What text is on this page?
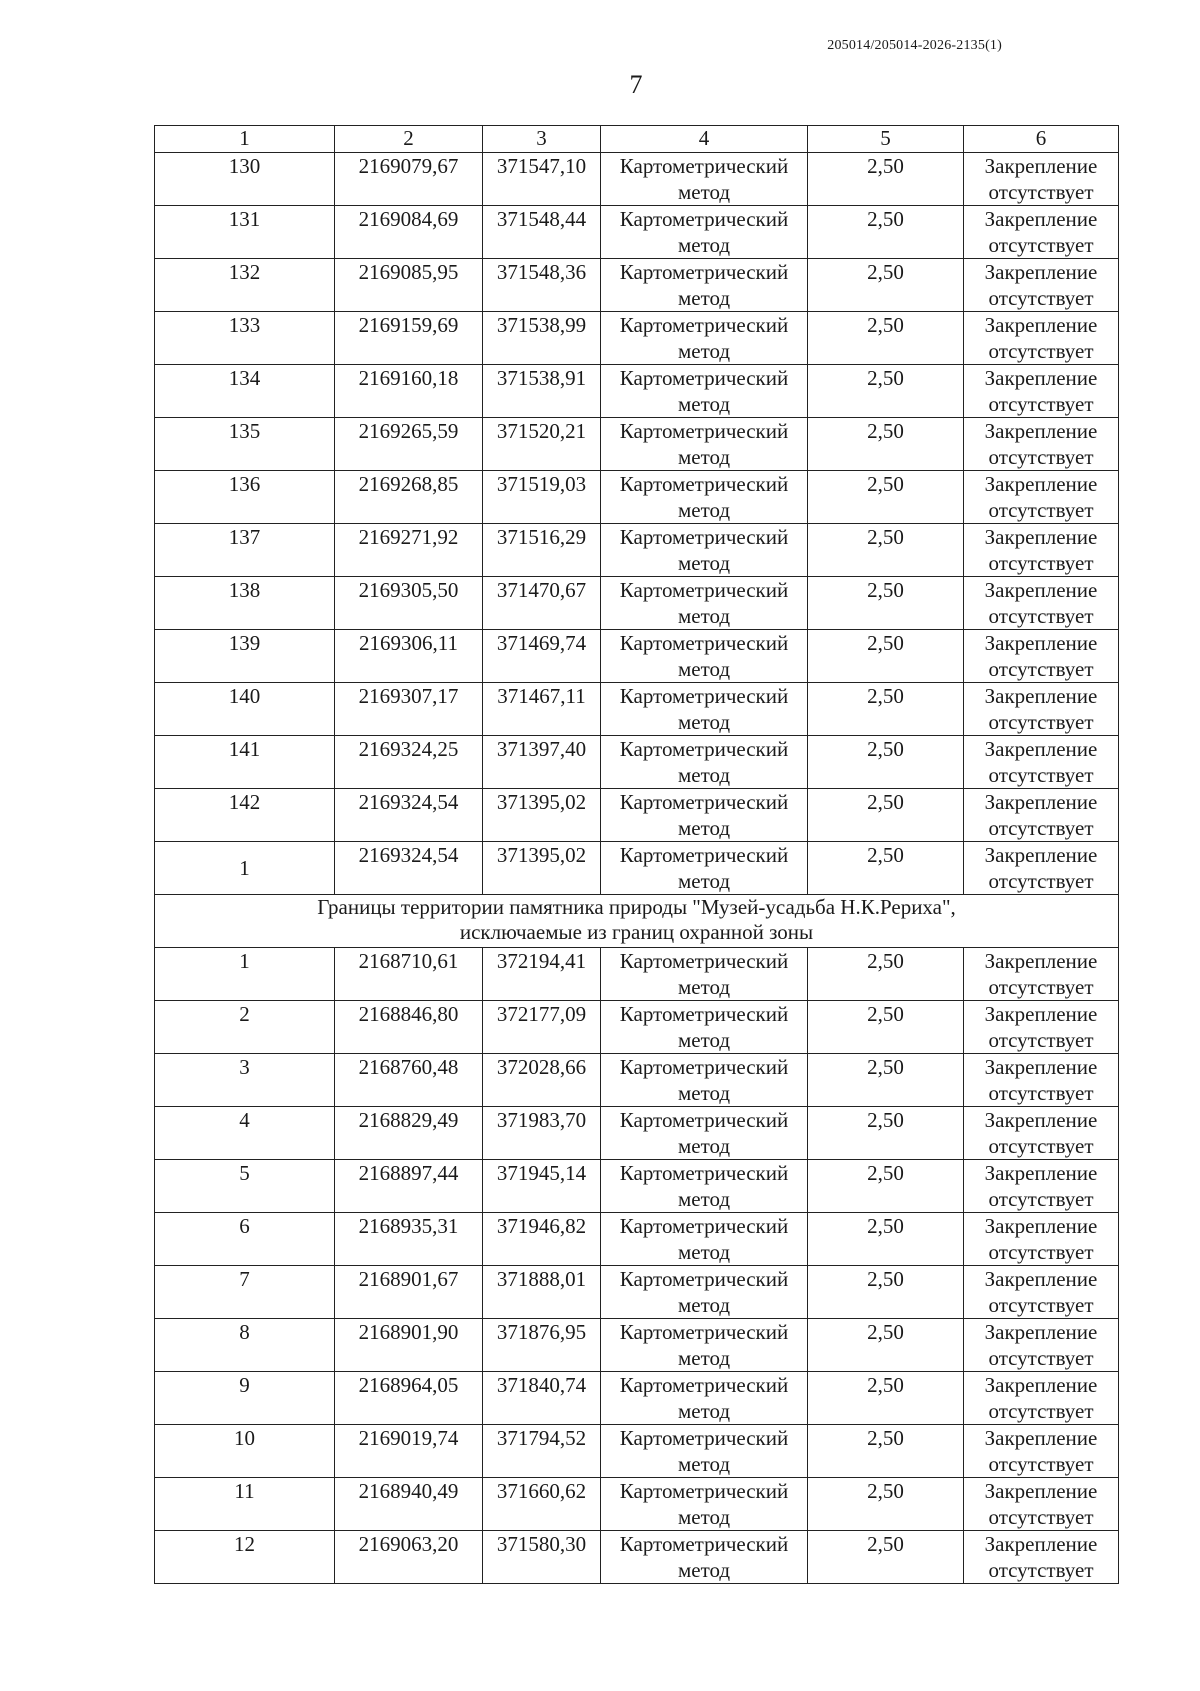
205014/205014-2026-2135(1)
7
1	2	3	4	5	6
130	2169079,67	371547,10	Картометрический метод	2,50	Закрепление отсутствует
131	2169084,69	371548,44	Картометрический метод	2,50	Закрепление отсутствует
132	2169085,95	371548,36	Картометрический метод	2,50	Закрепление отсутствует
133	2169159,69	371538,99	Картометрический метод	2,50	Закрепление отсутствует
134	2169160,18	371538,91	Картометрический метод	2,50	Закрепление отсутствует
135	2169265,59	371520,21	Картометрический метод	2,50	Закрепление отсутствует
136	2169268,85	371519,03	Картометрический метод	2,50	Закрепление отсутствует
137	2169271,92	371516,29	Картометрический метод	2,50	Закрепление отсутствует
138	2169305,50	371470,67	Картометрический метод	2,50	Закрепление отсутствует
139	2169306,11	371469,74	Картометрический метод	2,50	Закрепление отсутствует
140	2169307,17	371467,11	Картометрический метод	2,50	Закрепление отсутствует
141	2169324,25	371397,40	Картометрический метод	2,50	Закрепление отсутствует
142	2169324,54	371395,02	Картометрический метод	2,50	Закрепление отсутствует
1	2169324,54	371395,02	Картометрический метод	2,50	Закрепление отсутствует

Границы территории памятника природы "Музей-усадьба Н.К.Рериха",
исключаемые из границ охранной зоны					

1	2168710,61	372194,41	Картометрический метод	2,50	Закрепление отсутствует
2	2168846,80	372177,09	Картометрический метод	2,50	Закрепление отсутствует
3	2168760,48	372028,66	Картометрический метод	2,50	Закрепление отсутствует
4	2168829,49	371983,70	Картометрический метод	2,50	Закрепление отсутствует
5	2168897,44	371945,14	Картометрический метод	2,50	Закрепление отсутствует
6	2168935,31	371946,82	Картометрический метод	2,50	Закрепление отсутствует
7	2168901,67	371888,01	Картометрический метод	2,50	Закрепление отсутствует
8	2168901,90	371876,95	Картометрический метод	2,50	Закрепление отсутствует
9	2168964,05	371840,74	Картометрический метод	2,50	Закрепление отсутствует
10	2169019,74	371794,52	Картометрический метод	2,50	Закрепление отсутствует
11	2168940,49	371660,62	Картометрический метод	2,50	Закрепление отсутствует
12	2169063,20	371580,30	Картометрический метод	2,50	Закрепление отсутствует
